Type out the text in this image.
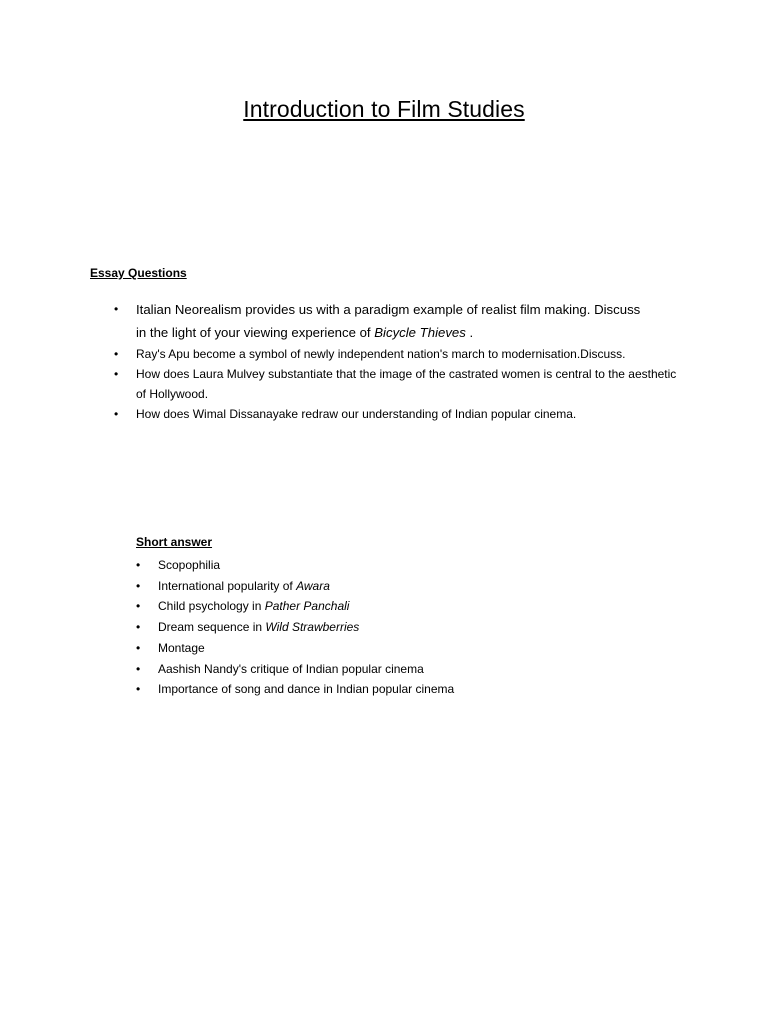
Introduction to Film Studies
Essay Questions
• Italian Neorealism provides us with a paradigm example of realist film making. Discuss
in the light of your viewing experience of Bicycle Thieves .
• Ray's Apu become a symbol of newly independent nation's march to modernisation.Discuss.
• How does Laura Mulvey substantiate that the image of the castrated women is central to the aesthetic of Hollywood.
• How does Wimal Dissanayake redraw our understanding of Indian popular cinema.
Short answer
• Scopophilia
• International popularity of Awara
• Child psychology in Pather Panchali
• Dream sequence in Wild Strawberries
• Montage
• Aashish Nandy's critique of Indian popular cinema
• Importance of song and dance in Indian popular cinema
